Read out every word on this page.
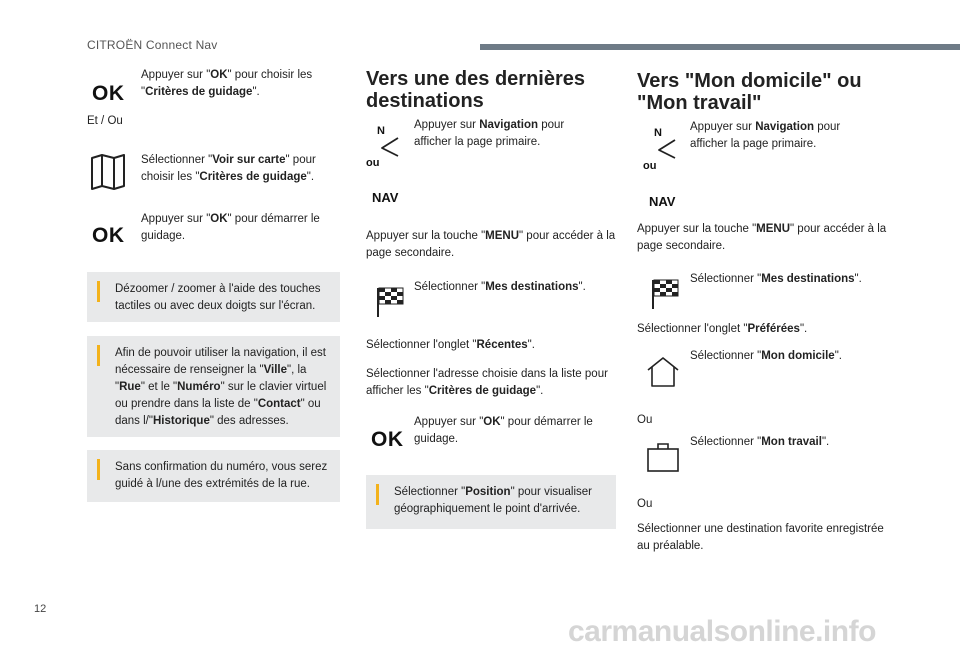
CITROËN Connect Nav
OK
Appuyer sur "OK" pour choisir les "Critères de guidage".
Et / Ou
Sélectionner "Voir sur carte" pour choisir les "Critères de guidage".
OK
Appuyer sur "OK" pour démarrer le guidage.
Dézoomer / zoomer à l'aide des touches tactiles ou avec deux doigts sur l'écran.
Afin de pouvoir utiliser la navigation, il est nécessaire de renseigner la "Ville", la "Rue" et le "Numéro" sur le clavier virtuel ou prendre dans la liste de "Contact" ou dans l/"Historique" des adresses.
Sans confirmation du numéro, vous serez guidé à l/une des extrémités de la rue.
Vers une des dernières destinations
N
ou
NAV
Appuyer sur Navigation pour afficher la page primaire.
Appuyer sur la touche "MENU" pour accéder à la page secondaire.
Sélectionner "Mes destinations".
Sélectionner l'onglet "Récentes".
Sélectionner l'adresse choisie dans la liste pour afficher les "Critères de guidage".
OK
Appuyer sur "OK" pour démarrer le guidage.
Sélectionner "Position" pour visualiser géographiquement le point d'arrivée.
Vers "Mon domicile" ou "Mon travail"
N
ou
NAV
Appuyer sur Navigation pour afficher la page primaire.
Appuyer sur la touche "MENU" pour accéder à la page secondaire.
Sélectionner "Mes destinations".
Sélectionner l'onglet "Préférées".
Sélectionner "Mon domicile".
Ou
Sélectionner "Mon travail".
Ou
Sélectionner une destination favorite enregistrée au préalable.
12
carmanualsonline.info
